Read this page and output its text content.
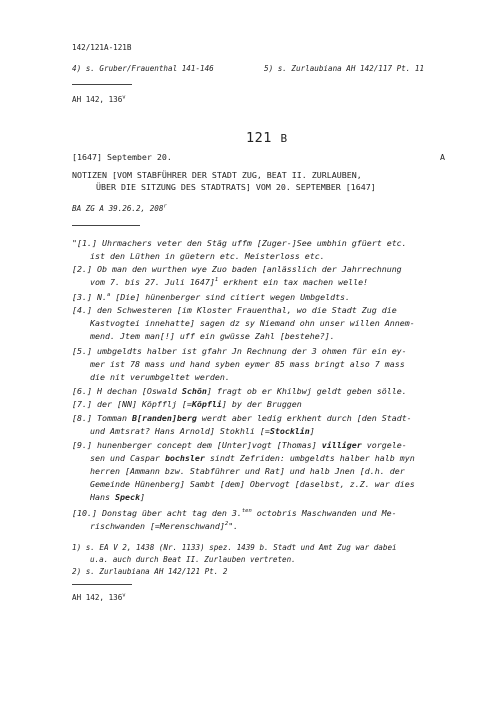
142/121A-121B
4) s. Gruber/Frauenthal 141-146	5) s. Zurlaubiana AH 142/117 Pt. 11
AH 142, 136$^v$
121 B
[1647] September 20.	A
NOTIZEN [VOM STABFÜHRER DER STADT ZUG, BEAT II. ZURLAUBEN,
ÜBER DIE SITZUNG DES STADTRATS] VOM 20. SEPTEMBER [1647]
BA ZG A 39.26.2, 208$^r$
"[1.] Uhrmachers veter den Stäg uffm [Zuger-]See umbhin gfüert etc.
ist den Lüthen in güetern etc. Meisterloss etc.
[2.] Ob man den wurthen wye Zuo baden [anlässlich der Jahrrechnung
vom 7. bis 27. Juli 1647]$^1$ erkhent ein tax machen welle!
[3.] N.$^a$ [Die] hünenberger sind citiert wegen Umbgeldts.
[4.] den Schwesteren [im Kloster Frauenthal, wo die Stadt Zug die
Kastvogtei innehatte] sagen dz sy Niemand ohn unser willen Annem-
mend. Jtem man[!] uff ein gwüsse Zahl [bestehe?].
[5.] umbgeldts halber ist gfahr Jn Rechnung der 3 ohmen für ein ey-
mer ist 78 mass und hand syben eymer 85 mass bringt also 7 mass
die nit verumbgeltet werden.
[6.] H dechan [Oswald Schön] fragt ob er Khilbwj geldt geben sölle.
[7.] der [NN] Köpfflj [=Köpfli] by der Bruggen
[8.] Tomman B[randen]berg werdt aber ledig erkhent durch [den Stadt-
und Amtsrat? Hans Arnold] Stokhli [=Stocklin]
[9.] hunenberger concept dem [Unter]vogt [Thomas] villiger vorgele-
sen und Caspar bochsler sindt Zefriden: umbgeldts halber halb myn
herren [Ammann bzw. Stabführer und Rat] und halb Jnen [d.h. der
Gemeinde Hünenberg] Sambt [dem] Obervogt [daselbst, z.Z. war dies
Hans Speck]
[10.] Donstag über acht tag den 3.$^{ten}$ octobris Maschwanden und Me-
rischwanden [=Merenschwand]$^2$".
1) s. EA V 2, 1438 (Nr. 1133) spez. 1439 b. Stadt und Amt Zug war dabei
u.a. auch durch Beat II. Zurlauben vertreten.
2) s. Zurlaubiana AH 142/121 Pt. 2
AH 142, 136$^v$
